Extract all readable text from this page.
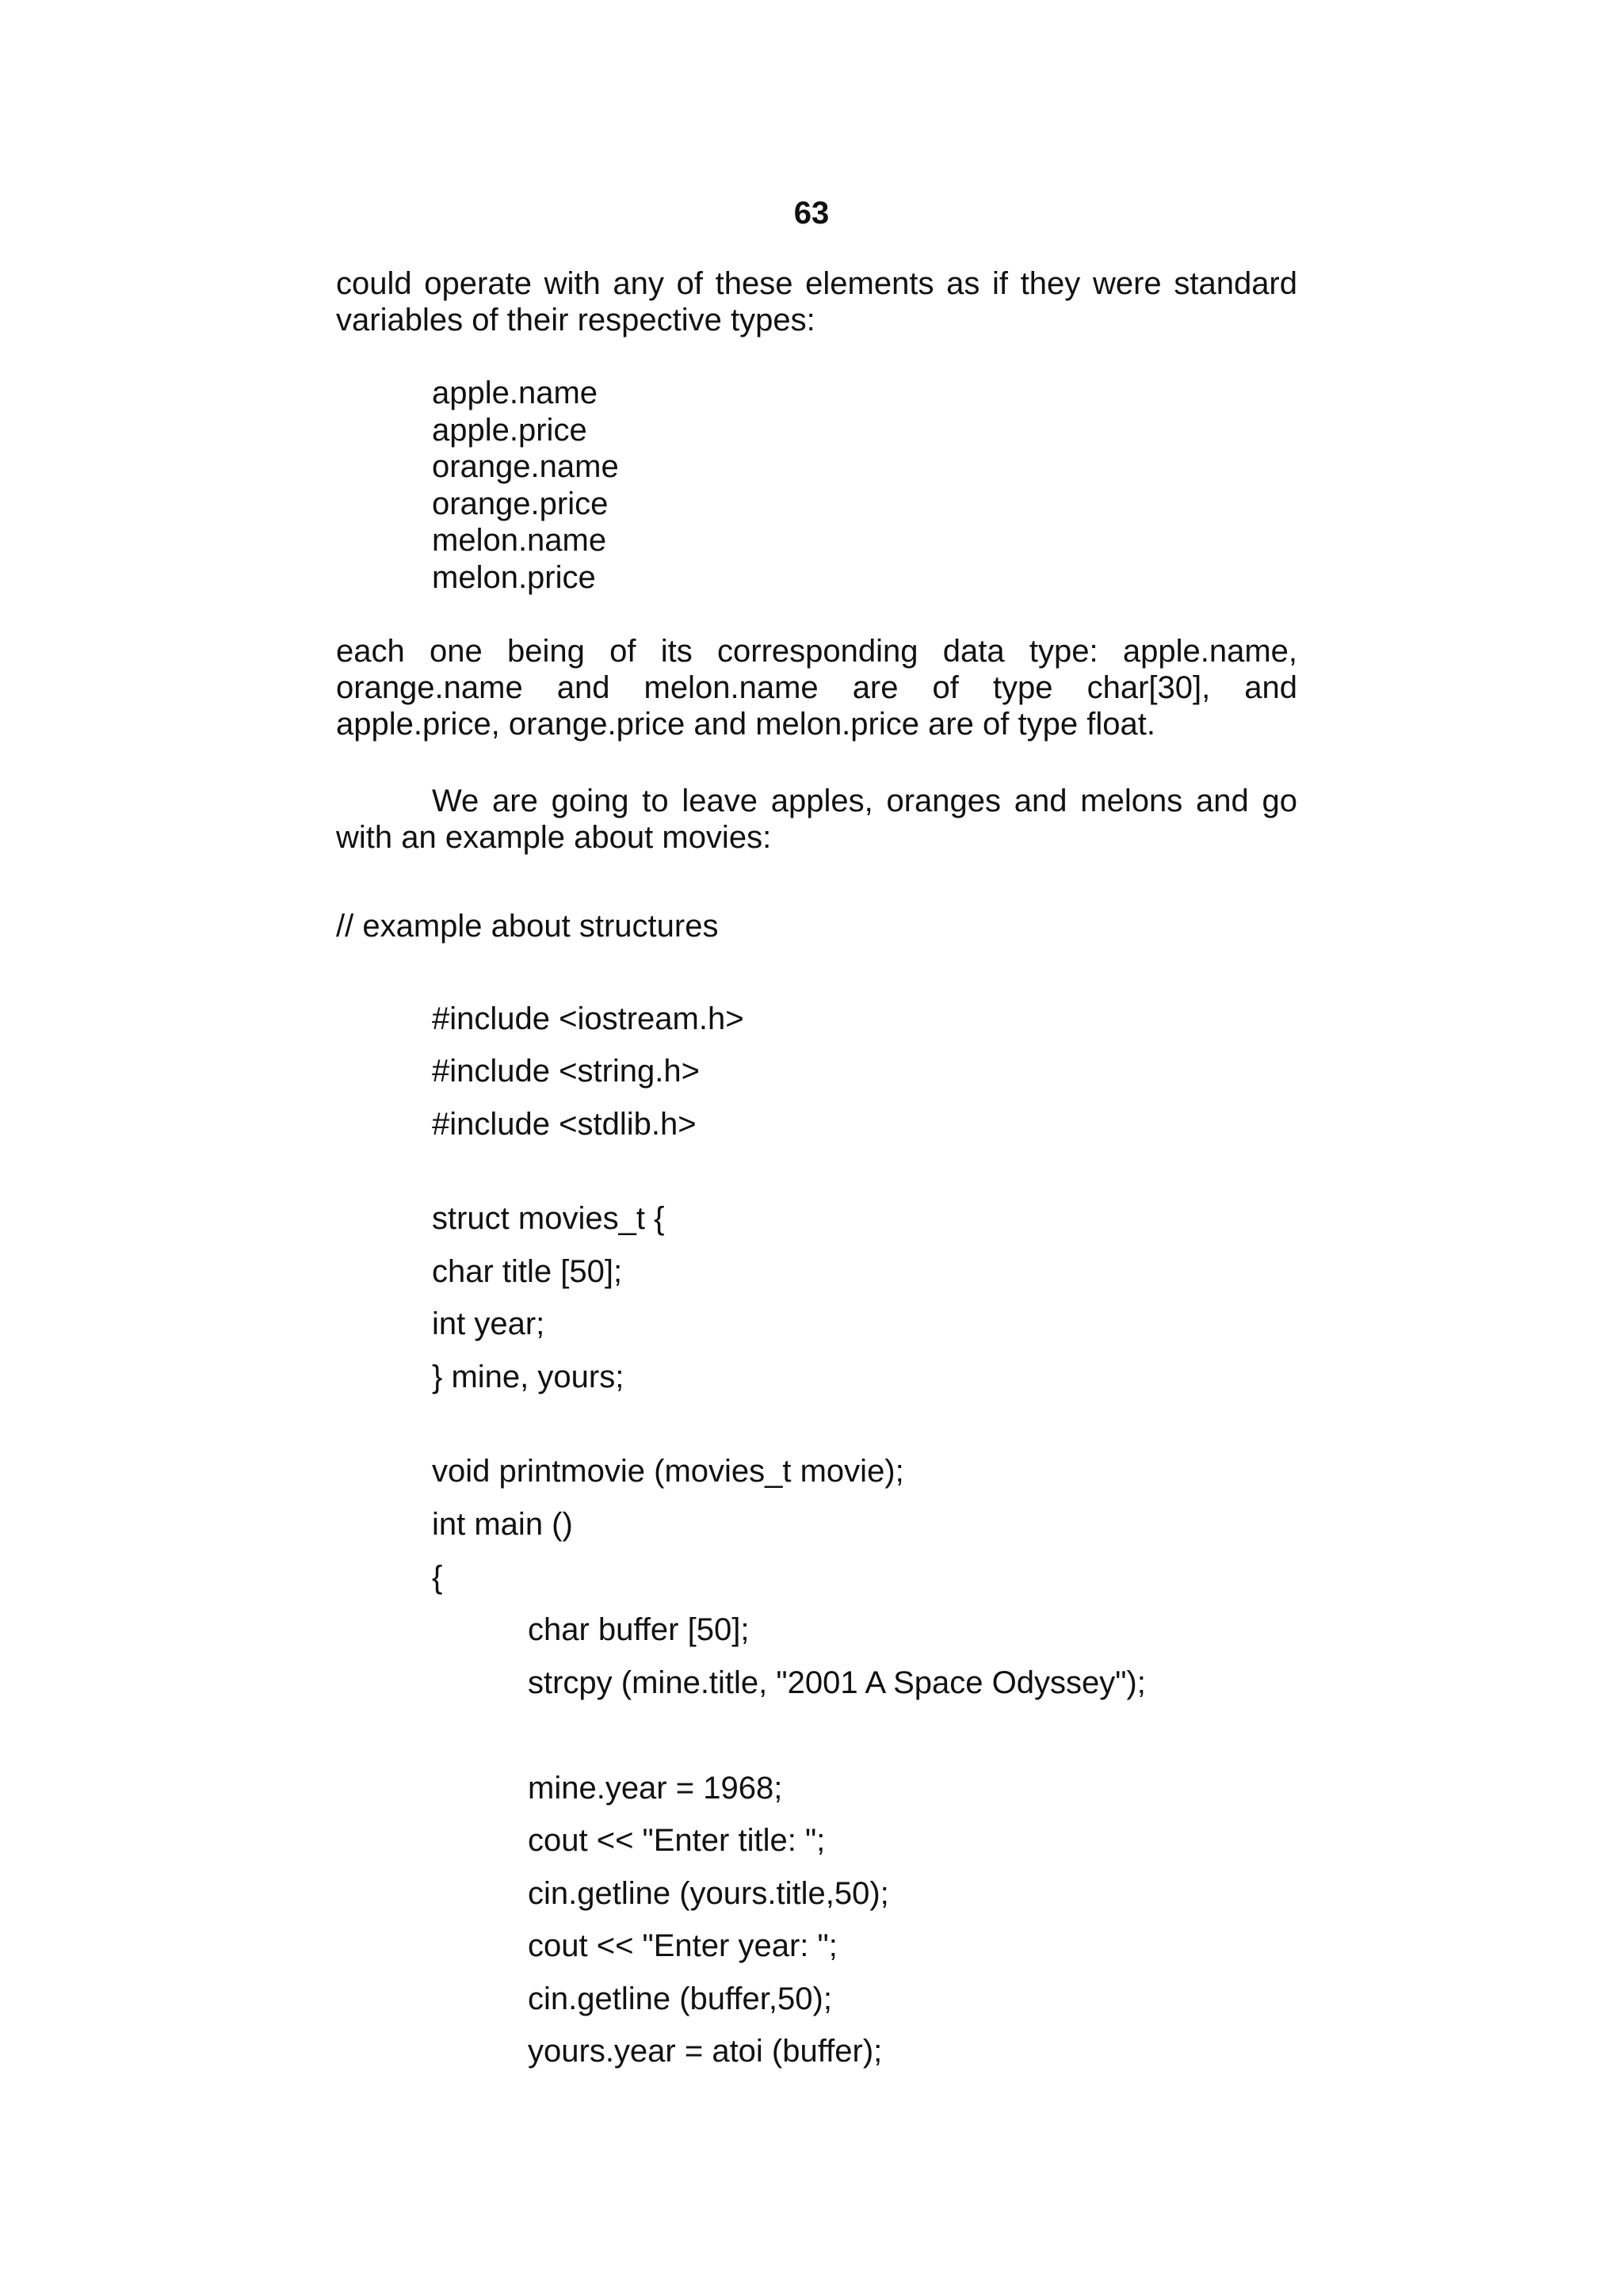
63

could operate with any of these elements as if they were standard variables of their respective types:

apple.name
apple.price
orange.name
orange.price
melon.name
melon.price
each one being of its corresponding data type: apple.name,
orange.name and melon.name are of type char[30], and
apple.price, orange.price and melon.price are of type float.
We are going to leave apples, oranges and melons and go
with an example about movies:
// example about structures
#include <iostream.h>
#include <string.h>
#include <stdlib.h>
struct movies_t {
char title [50];
int year;
} mine, yours;
void printmovie (movies_t movie);
int main ()
{
char buffer [50];
strcpy (mine.title, "2001 A Space Odyssey");
mine.year = 1968;
cout << "Enter title: ";
cin.getline (yours.title,50);
cout << "Enter year: ";
cin.getline (buffer,50);
yours.year = atoi (buffer);
